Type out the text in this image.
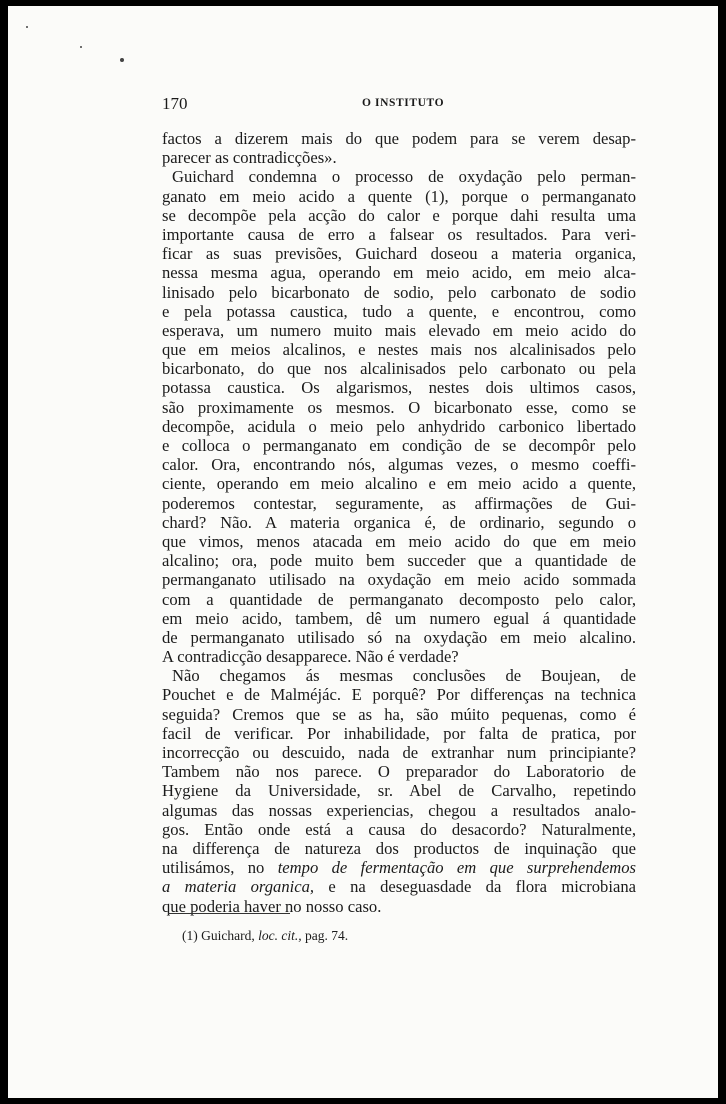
170	O INSTITUTO
factos a dizerem mais do que podem para se verem desap-
parecer as contradicções».
Guichard condemna o processo de oxydação pelo perman-
ganato em meio acido a quente (1), porque o permanganato
se decompõe pela acção do calor e porque dahi resulta uma
importante causa de erro a falsear os resultados. Para veri-
ficar as suas previsões, Guichard doseou a materia organica,
nessa mesma agua, operando em meio acido, em meio alca-
linisado pelo bicarbonato de sodio, pelo carbonato de sodio
e pela potassa caustica, tudo a quente, e encontrou, como
esperava, um numero muito mais elevado em meio acido do
que em meios alcalinos, e nestes mais nos alcalinisados pelo
bicarbonato, do que nos alcalinisados pelo carbonato ou pela
potassa caustica. Os algarismos, nestes dois ultimos casos,
são proximamente os mesmos. O bicarbonato esse, como se
decompõe, acidula o meio pelo anhydrido carbonico libertado
e colloca o permanganato em condição de se decompôr pelo
calor. Ora, encontrando nós, algumas vezes, o mesmo coeffi-
ciente, operando em meio alcalino e em meio acido a quente,
poderemos contestar, seguramente, as affirmações de Gui-
chard? Não. A materia organica é, de ordinario, segundo o
que vimos, menos atacada em meio acido do que em meio
alcalino; ora, pode muito bem succeder que a quantidade de
permanganato utilisado na oxydação em meio acido sommada
com a quantidade de permanganato decomposto pelo calor,
em meio acido, tambem, dê um numero egual á quantidade
de permanganato utilisado só na oxydação em meio alcalino.
A contradicção desapparece. Não é verdade?
Não chegamos ás mesmas conclusões de Boujean, de
Pouchet e de Malméjác. E porquê? Por differenças na technica
seguida? Cremos que se as ha, são múito pequenas, como é
facil de verificar. Por inhabilidade, por falta de pratica, por
incorrecção ou descuido, nada de extranhar num principiante?
Tambem não nos parece. O preparador do Laboratorio de
Hygiene da Universidade, sr. Abel de Carvalho, repetindo
algumas das nossas experiencias, chegou a resultados analo-
gos. Então onde está a causa do desacordo? Naturalmente,
na differença de natureza dos productos de inquinação que
utilisámos, no tempo de fermentação em que surprehendemos
a materia organica, e na deseguasdade da flora microbiana
que poderia haver no nosso caso.
(1) Guichard, loc. cit., pag. 74.
